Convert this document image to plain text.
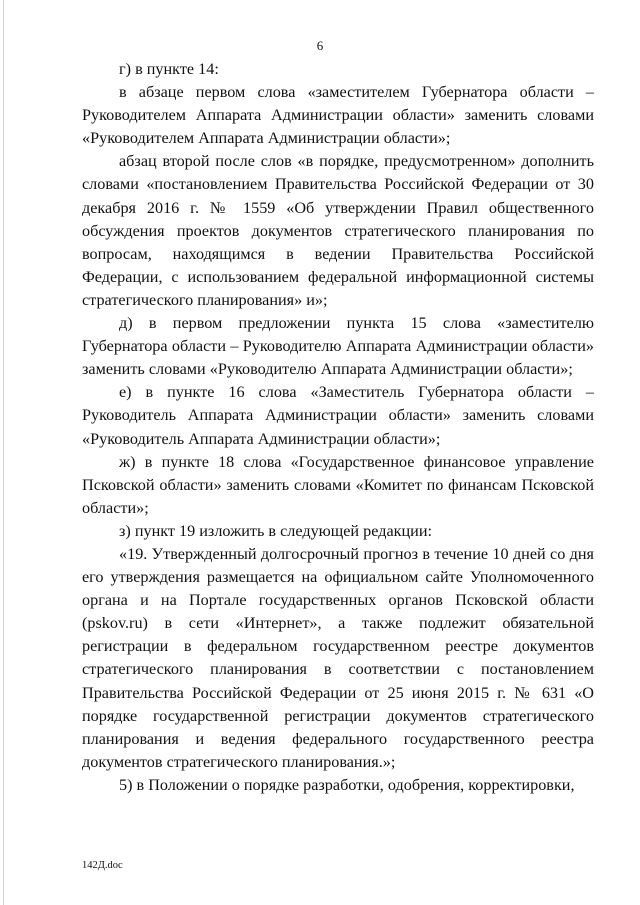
6

г) в пункте 14:

в абзаце первом слова «заместителем Губернатора области – Руководителем Аппарата Администрации области» заменить словами «Руководителем Аппарата Администрации области»;

абзац второй после слов «в порядке, предусмотренном» дополнить словами «постановлением Правительства Российской Федерации от 30 декабря 2016 г. № 1559 «Об утверждении Правил общественного обсуждения проектов документов стратегического планирования по вопросам, находящимся в ведении Правительства Российской Федерации, с использованием федеральной информационной системы стратегического планирования» и»;

д) в первом предложении пункта 15 слова «заместителю Губернатора области – Руководителю Аппарата Администрации области» заменить словами «Руководителю Аппарата Администрации области»;

е) в пункте 16 слова «Заместитель Губернатора области – Руководитель Аппарата Администрации области» заменить словами «Руководитель Аппарата Администрации области»;

ж) в пункте 18 слова «Государственное финансовое управление Псковской области» заменить словами «Комитет по финансам Псковской области»;

з) пункт 19 изложить в следующей редакции:

«19. Утвержденный долгосрочный прогноз в течение 10 дней со дня его утверждения размещается на официальном сайте Уполномоченного органа и на Портале государственных органов Псковской области (pskov.ru) в сети «Интернет», а также подлежит обязательной регистрации в федеральном государственном реестре документов стратегического планирования в соответствии с постановлением Правительства Российской Федерации от 25 июня 2015 г. № 631 «О порядке государственной регистрации документов стратегического планирования и ведения федерального государственного реестра документов стратегического планирования.»;

5) в Положении о порядке разработки, одобрения, корректировки,

142Д.doc
